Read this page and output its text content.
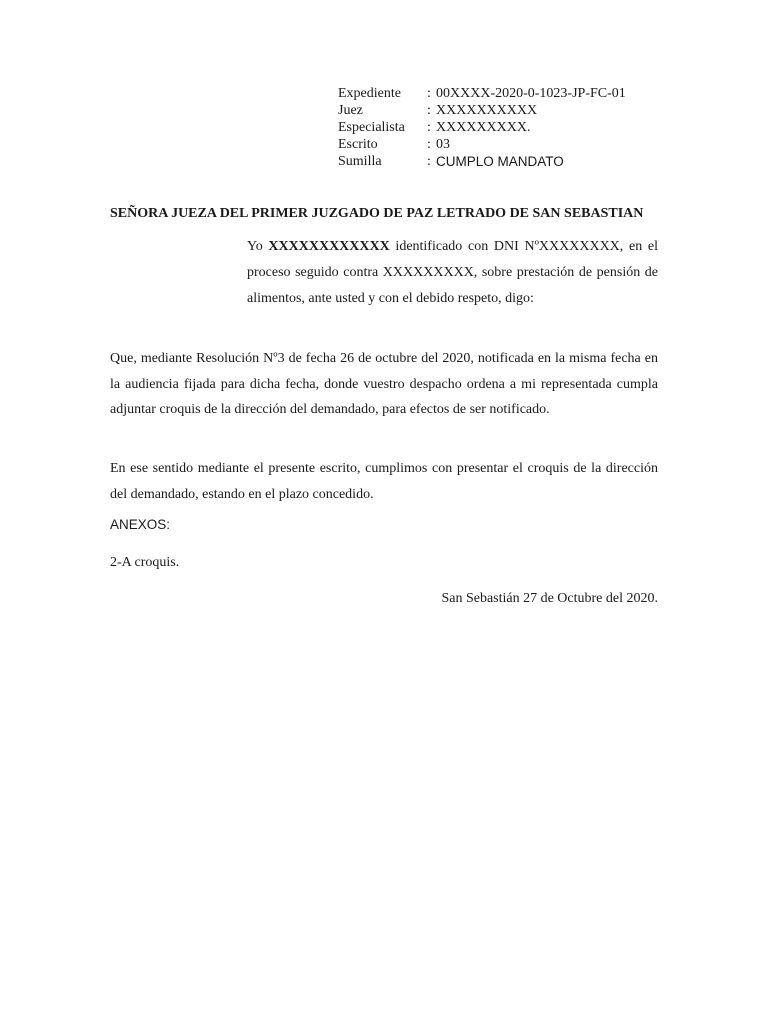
Expediente	: 00XXXX-2020-0-1023-JP-FC-01
Juez	: XXXXXXXXXX
Especialista	: XXXXXXXXX.
Escrito	: 03
Sumilla	: CUMPLO MANDATO
SEÑORA JUEZA DEL PRIMER JUZGADO DE PAZ LETRADO DE SAN SEBASTIAN
Yo XXXXXXXXXXXX identificado con DNI NºXXXXXXXX, en el proceso seguido contra XXXXXXXXX, sobre prestación de pensión de alimentos, ante usted y con el debido respeto, digo:
Que, mediante Resolución Nº3 de fecha 26 de octubre del 2020, notificada en la misma fecha en la audiencia fijada para dicha fecha, donde vuestro despacho ordena a mi representada cumpla adjuntar croquis de la dirección del demandado, para efectos de ser notificado.
En ese sentido mediante el presente escrito, cumplimos con presentar el croquis de la dirección del demandado, estando en el plazo concedido.
ANEXOS:
2-A croquis.
San Sebastián 27 de Octubre del 2020.
